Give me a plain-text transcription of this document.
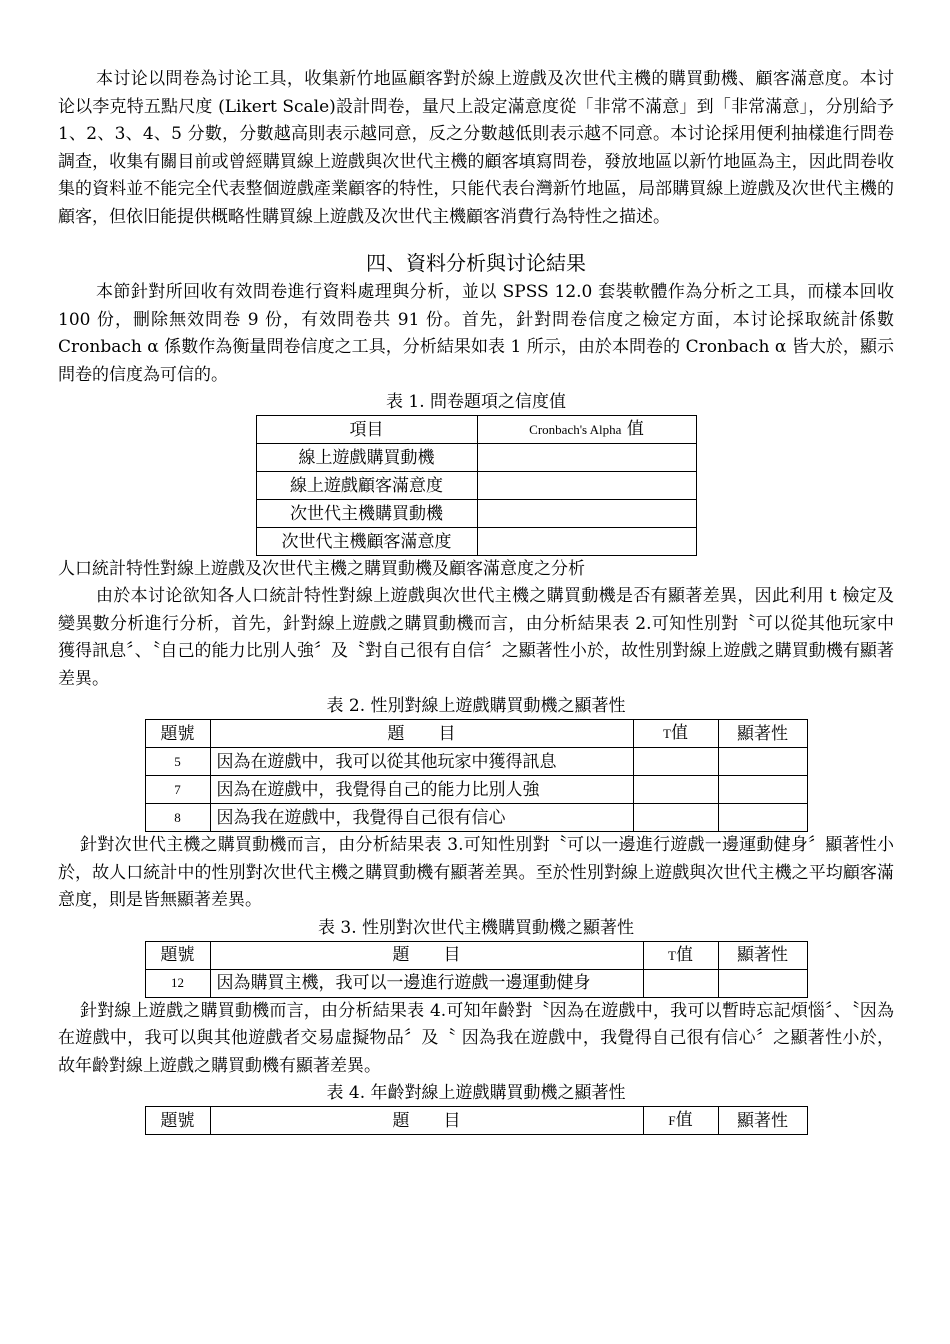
本讨论以問卷為讨论工具，收集新竹地區顧客對於線上遊戲及次世代主機的購買動機、顧客滿意度。本讨论以李克特五點尺度 (Likert Scale)設計問卷，量尺上設定滿意度從「非常不滿意」到「非常滿意」，分別給予 1、2、3、4、5 分數，分數越高則表示越同意，反之分數越低則表示越不同意。本讨论採用便利抽樣進行問卷調查，收集有關目前或曾經購買線上遊戲與次世代主機的顧客填寫問卷，發放地區以新竹地區為主，因此問卷收集的資料並不能完全代表整個遊戲產業顧客的特性，只能代表台灣新竹地區，局部購買線上遊戲及次世代主機的顧客，但依旧能提供概略性購買線上遊戲及次世代主機顧客消費行為特性之描述。

四、資料分析與讨论結果

本節針對所回收有效問卷進行資料處理與分析，並以 SPSS 12.0 套裝軟體作為分析之工具，而樣本回收 100 份，刪除無效問卷 9 份，有效問卷共 91 份。首先，針對問卷信度之檢定方面，本讨论採取統計係數 Cronbach α 係數作為衡量問卷信度之工具，分析結果如表 1 所示，由於本問卷的 Cronbach α 皆大於，顯示問卷的信度為可信的。

表 1. 問卷題項之信度值
項目	Cronbach's Alpha 值
線上遊戲購買動機	
線上遊戲顧客滿意度	
次世代主機購買動機	
次世代主機顧客滿意度	
人口統計特性對線上遊戲及次世代主機之購買動機及顧客滿意度之分析

由於本讨论欲知各人口統計特性對線上遊戲與次世代主機之購買動機是否有顯著差異，因此利用 t 檢定及變異數分析進行分析，首先，針對線上遊戲之購買動機而言，由分析結果表 2.可知性別對〝可以從其他玩家中獲得訊息〞、〝自己的能力比別人強〞及〝對自己很有自信〞之顯著性小於，故性別對線上遊戲之購買動機有顯著差異。

表 2. 性別對線上遊戲購買動機之顯著性
題號	題　　目	T值	顯著性
5	因為在遊戲中，我可以從其他玩家中獲得訊息		
7	因為在遊戲中，我覺得自己的能力比別人強		
8	因為我在遊戲中，我覺得自己很有信心		

針對次世代主機之購買動機而言，由分析結果表 3.可知性別對〝可以一邊進行遊戲一邊運動健身〞顯著性小於，故人口統計中的性別對次世代主機之購買動機有顯著差異。至於性別對線上遊戲與次世代主機之平均顧客滿意度，則是皆無顯著差異。

表 3. 性別對次世代主機購買動機之顯著性
題號	題　　目	T值	顯著性
12	因為購買主機，我可以一邊進行遊戲一邊運動健身		

針對線上遊戲之購買動機而言，由分析結果表 4.可知年齡對〝因為在遊戲中，我可以暫時忘記煩惱〞、〝因為在遊戲中，我可以與其他遊戲者交易虛擬物品〞及〝 因為我在遊戲中，我覺得自己很有信心〞之顯著性小於，故年齡對線上遊戲之購買動機有顯著差異。

表 4. 年齡對線上遊戲購買動機之顯著性
題號	題　　目	F值	顯著性
